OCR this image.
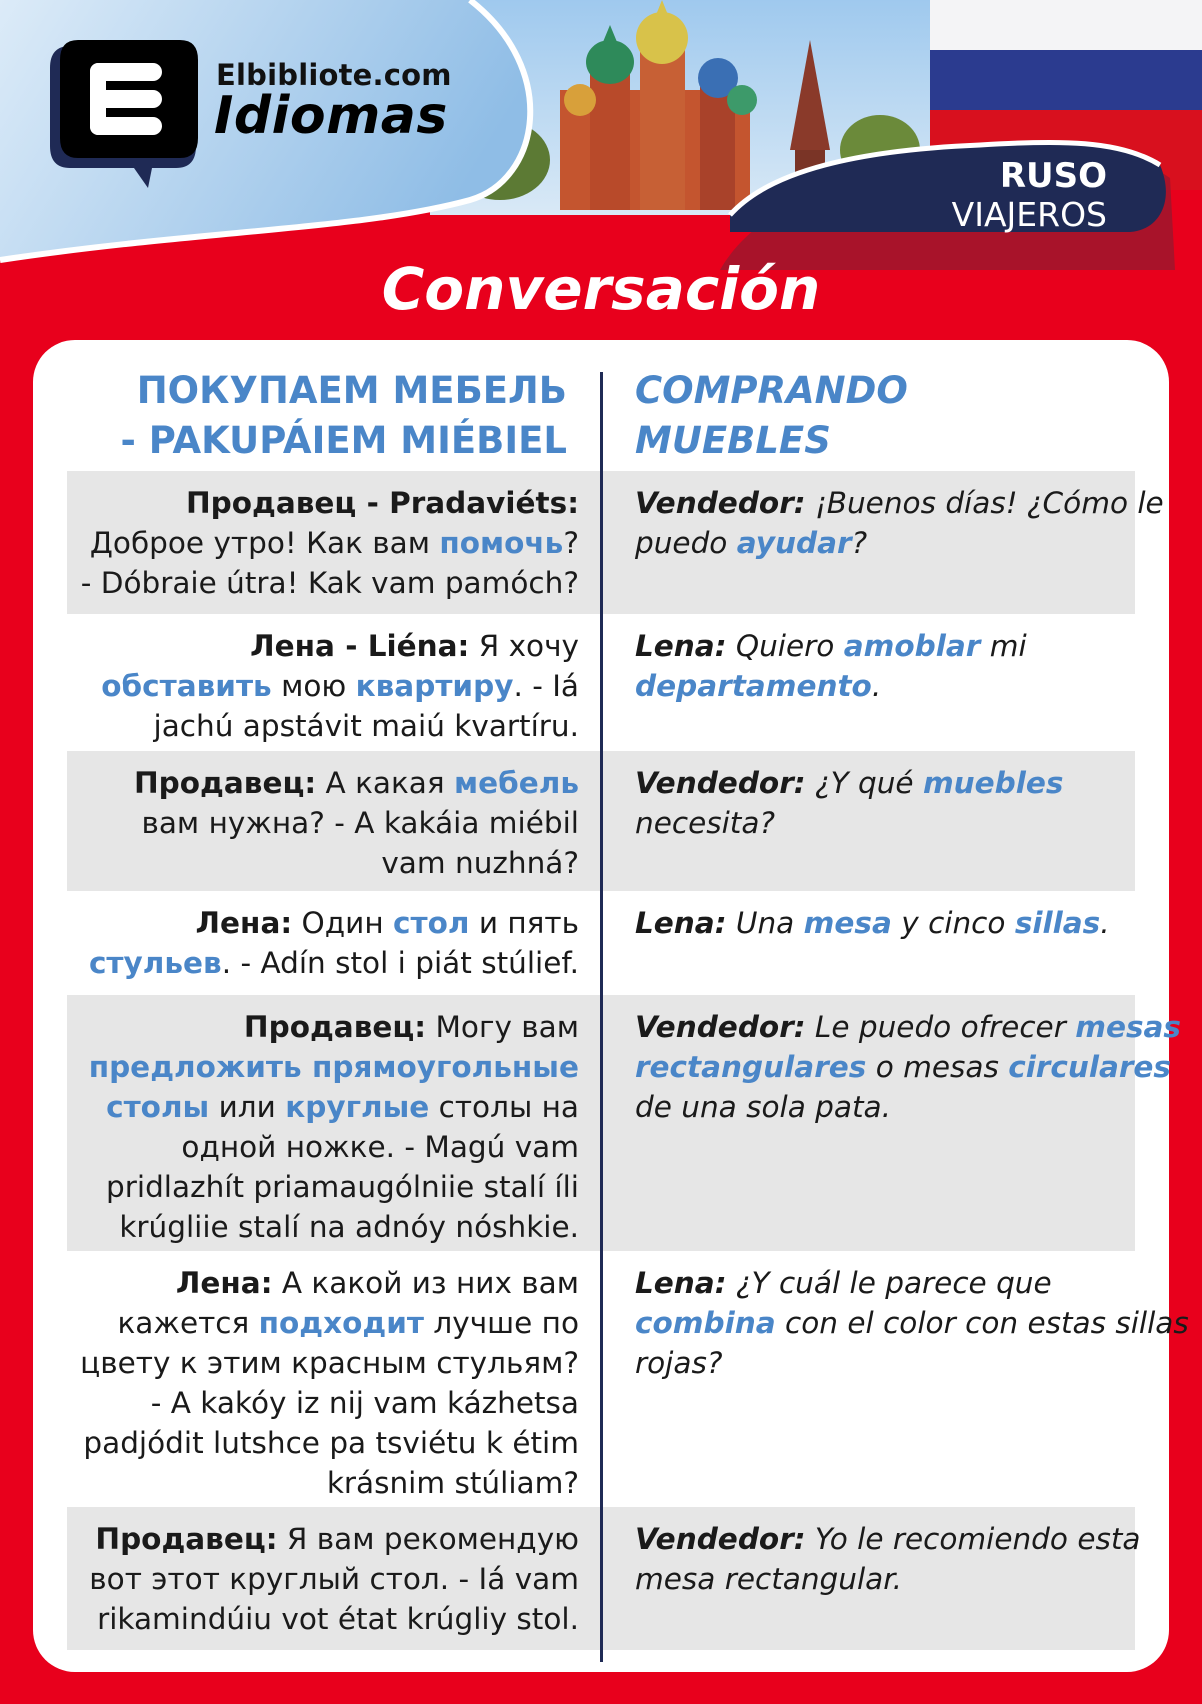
Elbibliote.com
Idiomas
RUSO
VIAJEROS
Conversación
Продавец - Pradaviéts: Доброе утро! Как вам помочь? - Dóbraie útra! Kak vam pamóch?
Vendedor: ¡Buenos días! ¿Cómo le puedo ayudar?
Лена - Liéna: Я хочу обставить мою квартиру. - Iá jachú apstávit maiú kvartíru.
Lena: Quiero amoblar mi departamento.
Продавец: А какая мебель вам нужна? - A kakáia miébil vam nuzhná?
Vendedor: ¿Y qué muebles necesita?
Лена: Один стол и пять стульев. - Adín stol i piát stúlief.
Lena: Una mesa y cinco sillas.
Продавец: Могу вам предложить прямоугольные столы или круглые столы на одной ножке. - Magú vam pridlazhít priamaugólniie stalí íli krúgliie stalí na adnóy nóshkie.
Vendedor: Le puedo ofrecer mesas rectangulares o mesas circulares de una sola pata.
Лена: А какой из них вам кажется подходит лучше по цвету к этим красным стульям? - A kakóy iz nij vam kázhetsa padjódit lutshce pa tsviétu k étim krásnim stúliam?
Lena: ¿Y cuál le parece que combina con el color con estas sillas rojas?
Продавец: Я вам рекомендую вот этот круглый стол. - Iá vam rikamindúiu vot état krúgliy stol.
Vendedor: Yo le recomiendo esta mesa rectangular.
ПОКУПАЕМ МЕБЕЛЬ
- PAKUPÁIEM MIÉBIEL
COMPRANDO
MUEBLES
